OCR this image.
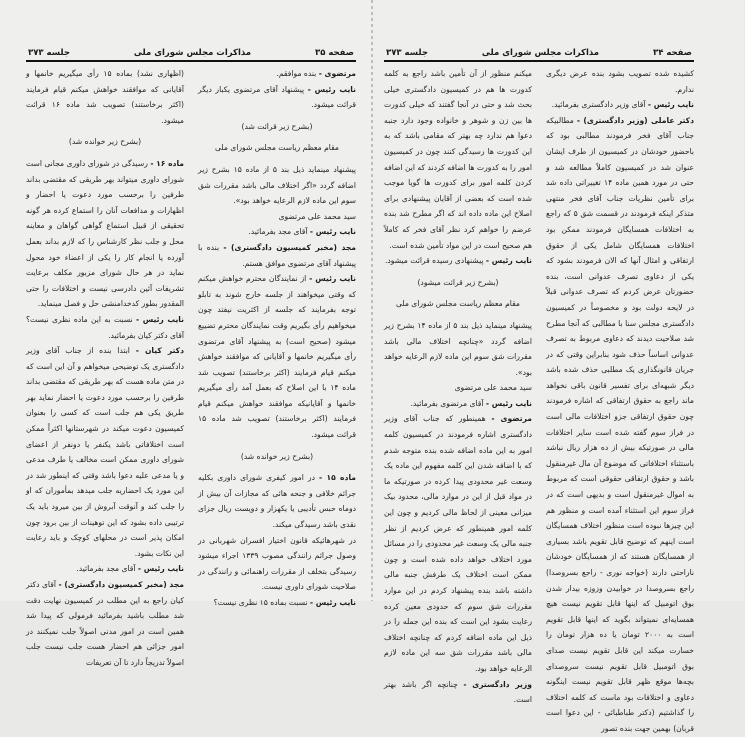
صفحه ۳۵
مذاکرات مجلس شورای ملی
جلسه ۳۷۳

مرتضوی - بنده موافقم.

نایب رئیس - پیشنهاد آقای مرتضوی یکبار دیگر قرائت میشود.

(بشرح زیر قرائت شد)

مقام معظم ریاست مجلس شورای ملی

پیشنهاد مینماید ذیل بند ۵ از ماده ۱۵ بشرح زیر اضافه گردد «اگر اختلاف مالی باشد مقررات شق سوم این ماده لازم الرعایه خواهد بود».

سید محمد علی مرتضوی

نایب رئیس - آقای مجد بفرمائید.

مجد (مخبر کمیسیون دادگستری) - بنده با پیشنهاد آقای مرتضوی موافق هستم.

نایب رئیس - از نمایندگان محترم خواهش میکنم که وقتی میخواهند از جلسه خارج شوند به تابلو توجه بفرمایند که جلسه از اکثریت نیفتد چون میخواهیم رأی بگیریم وقت نمایندگان محترم تضییع میشود (صحیح است) به پیشنهاد آقای مرتضوی رأی میگیریم خانمها و آقایانی که موافقند خواهش میکنم قیام فرمایند (اکثر برخاستند) تصویب شد ماده ۱۴ با این اصلاح که بعمل آمد رأی میگیریم خانمها و آقایانیکه موافقند خواهش میکنم قیام فرمایند (اکثر برخاستند) تصویب شد ماده ۱۵ قرائت میشود.

(بشرح زیر خوانده شد)

ماده ۱۵ - در امور کیفری شورای داوری بکلیه جرائم خلافی و جنحه هائی که مجازات آن بیش از دوماه حبس تأدیبی یا یکهزار و دویست ریال جزای نقدی باشد رسیدگی میکند.

در شهرهائیکه قانون اختیار افسران شهربانی در وصول جرائم رانندگی مصوب ۱۳۳۹ اجراء میشود رسیدگی بتخلف از مقررات راهنمائی و رانندگی در صلاحیت شورای داوری نیست.

نایب رئیس - نسبت بماده ۱۵ نظری نیست؟

(اظهاری نشد) بماده ۱۵ رأی میگیریم خانمها و آقایانی که موافقند خواهش میکنم قیام فرمایند (اکثر برخاستند) تصویب شد ماده ۱۶ قرائت میشود.

(بشرح زیر خوانده شد)

ماده ۱۶ - رسیدگی در شورای داوری مجانی است شورای داوری میتواند بهر طریقی که مقتضی بداند طرفین را برحسب مورد دعوت یا احضار و اظهارات و مدافعات آنان را استماع کرده هر گونه تحقیقی از قبیل استماع گواهی گواهان و معاینه محل و جلب نظر کارشناس را که لازم بداند بعمل آورده یا انجام کار را یکی از اعضاء خود محول نماید در هر حال شورای مزبور مکلف برعایت تشریفات آئین دادرسی نیست و اختلافات را حتی المقدور بطور کدخدامنشی حل و فصل مینماید.

نایب رئیس - نسبت به این ماده نظری نیست؟ آقای دکتر کیان بفرمائید.

دکتر کیان - ابتدا بنده از جناب آقای وزیر دادگستری یک توضیحی میخواهم و آن این است که در متن ماده هست که بهر طریقی که مقتضی بداند طرفین را برحسب مورد دعوت یا احضار نماید بهر طریق یکی هم جلب است که کسی را بعنوان کمیسیون دعوت میکند در شهرستانها اکثراً ممکن است اختلافاتی باشد یکنفر یا دونفر از اعضای شورای داوری ممکن است مخالف یا طرف مدعی و یا مدعی علیه دعوا باشد وقتی که اینطور شد در این مورد یک احضاریه جلب میدهد بمأموران که او را جلب کند و آنوقت آبروش از بین میرود باید یک ترتیبی داده بشود که این توهینات از بین برود چون امکان پذیر است در محلهای کوچک و باید رعایت این نکات بشود.

نایب رئیس - آقای مجد بفرمائید.

مجد (مخبر کمیسیون دادگستری) - آقای دکتر کیان راجع به این مطلب در کمیسیون نهایت دقت شد مطلب باشید بفرمائید فرمولی که پیدا شد همین است در امور مدنی اصولاً جلب نمیکنند در امور جزائی هم احضار هست جلب نیست جلب اصولاً تدریجاً دارد تا آن تعریفات

صفحه ۳۴
مذاکرات مجلس شورای ملی
جلسه ۳۷۳

کشیده شده تصویب بشود بنده عرض دیگری ندارم.

نایب رئیس - آقای وزیر دادگستری بفرمائید.

دکتر عاملی (وزیر دادگستری) - مطالبیکه جناب آقای فخر فرمودند مطالبی بود که باحضور خودشان در کمیسیون از طرف ایشان عنوان شد در کمیسیون کاملاً مطالعه شد و حتی در مورد همین ماده ۱۴ تغییراتی داده شد برای تأمین نظریات جناب آقای فخر منتهی متذکر اینکه فرمودند در قسمت شق ۵ که راجع به اختلافات همسایگان فرمودند ممکن بود اختلافات همسایگان شامل یکی از حقوق ارتفاقی و امثال آنها که الان فرمودند بشود که یکی از دعاوی تصرف عدوانی است، بنده حضورتان عرض کردم که تصرف عدوانی قبلاً در لایحه دولت بود و مخصوصاً در کمیسیون دادگستری مجلس سنا با مطالبی که آنجا مطرح شد صلاحیت دیدند که دعاوی مربوط به تصرف عدوانی اساساً حذف شود بنابراین وقتی که در جریان قانونگذاری یک مطلبی حذف شده باشد دیگر شبهه‌ای برای تفسیر قانون باقی نخواهد ماند راجع به حقوق ارتفاقی که اشاره فرمودند چون حقوق ارتفاقی جزو اختلافات مالی است در فراز سوم گفته شده است سایر اختلافات مالی در صورتیکه بیش از ده هزار ریال نباشد باستثناء اختلافاتی که موضوع آن مال غیرمنقول باشد و حقوق ارتفاقی حقوقی است که مربوط به اموال غیرمنقول است و بدیهی است که در فراز سوم این استثناء آمده است و منظور هم این چیزها نبوده است منظور اختلاف همسایگان است اینهم که توضیح قابل تقویم باشد بسیاری از همسایگان هستند که از همسایگان خودشان ناراحتی دارند (خواجه نوری - راجع بسروصدا) راجع بسروصدا در خوابیدن وزوزه بیدار شدن بوق اتومبیل که اینها قابل تقویم نیست هیچ همسایه‌ای نمیتواند بگوید که اینها قابل تقویم است به ۲۰۰۰ تومان یا ده هزار تومان را خسارت میکند این قابل تقویم نیست صدای بوق اتومبیل قابل تقویم نیست سروصدای بچه‌ها موقع ظهر قابل تقویم نیست اینگونه دعاوی و اختلافات بود ماست که کلمه اختلاف را گذاشتیم (دکتر طباطبائی - این دعوا است قربان) بهمین جهت بنده تصور

میکنم منظور از آن تأمین باشد راجع به کلمه کدورت ها هم در کمیسیون دادگستری خیلی بحث شد و حتی در آنجا گفتند که خیلی کدورت ها بین زن و شوهر و خانواده وجود دارد جنبه دعوا هم ندارد چه بهتر که مقامی باشد که به این کدورت ها رسیدگی کنند چون در کمیسیون امور را به کدورت ها اضافه کردند که این اضافه کردن کلمه امور برای کدورت ها گویا موجب شده است که بعضی از آقایان پیشنهادی برای اصلاح این ماده داده اند که اگر مطرح شد بنده عرضم را خواهم کرد نظر آقای فخر که کاملاً هم صحیح است در این مواد تأمین شده است.

نایب رئیس - پیشنهادی رسیده قرائت میشود.

(بشرح زیر قرائت میشود)

مقام معظم ریاست مجلس شورای ملی

پیشنهاد مینماید ذیل بند ۵ از ماده ۱۴ بشرح زیر اضافه گردد «چنانچه اختلاف مالی باشد مقررات شق سوم این ماده لازم الرعایه خواهد بود».

سید محمد علی مرتضوی

نایب رئیس - آقای مرتضوی بفرمائید.

مرتضوی - همینطور که جناب آقای وزیر دادگستری اشاره فرمودند در کمیسیون کلمه امور به این ماده اضافه شده بنده متوجه شدم که با اضافه شدن این کلمه مفهوم این ماده یک وسعت غیر محدودی پیدا کرده در صورتیکه ما در مواد قبل از این در موارد مالی، محدود بیک میزانی معینی از لحاظ مالی کردیم و چون این کلمه امور همینطور که عرض کردیم از نظر جنبه مالی یک وسعت غیر محدودی را در مسائل مورد اختلاف خواهد داده شده است و چون ممکن است اختلاف یک طرفش جنبه مالی داشته باشد بنده پیشنهاد کردم در این موارد مقررات شق سوم که حدودی معین کرده رعایت بشود این است که بنده این جمله را در ذیل این ماده اضافه کردم که چنانچه اختلاف مالی باشد مقررات شق سه این ماده لازم الرعایه خواهد بود.

وزیر دادگستری - چنانچه اگر باشد بهتر است.
